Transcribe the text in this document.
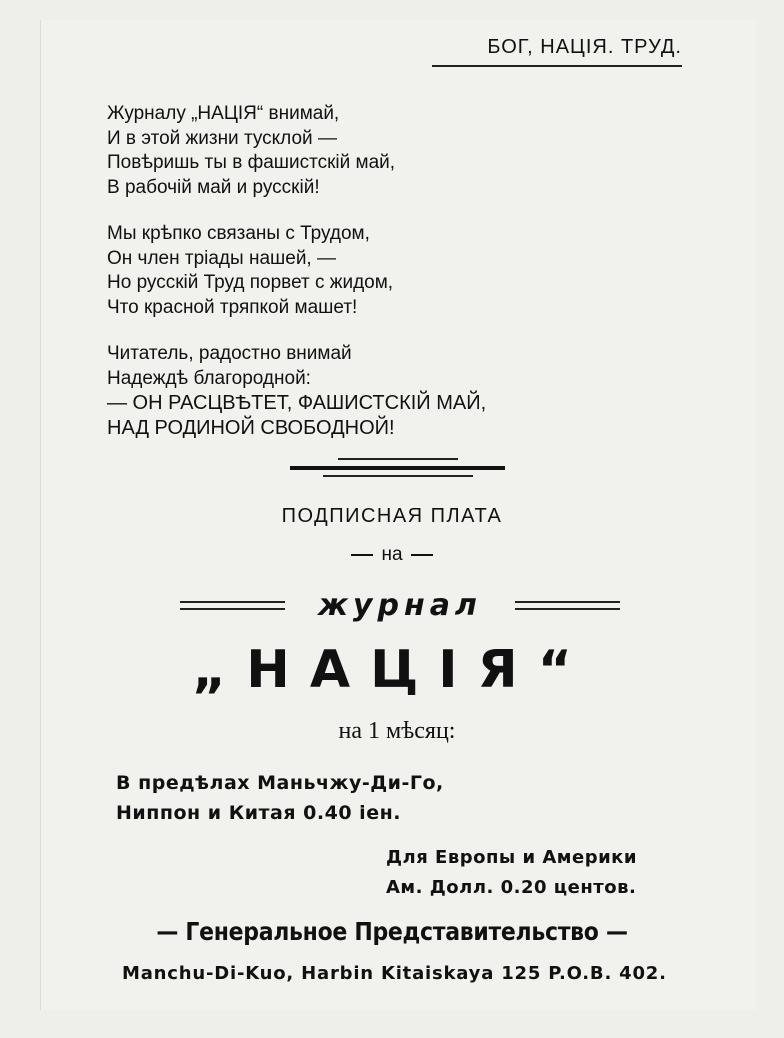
БОГ, НАЦIЯ. ТРУД.
Журналу „НАЦIЯ“ внимай,
И в этой жизни тусклой —
Повѣришь ты в фашистскiй май,
В рабочiй май и русскiй!
Мы крѣпко связаны с Трудом,
Он член трiады нашей, —
Но русскiй Труд порвет с жидом,
Что красной тряпкой машет!
Читатель, радостно внимай
Надеждѣ благородной:
— ОН РАСЦВѢТЕТ, ФАШИСТСКIЙ МАЙ,
НАД РОДИНОЙ СВОБОДНОЙ!
ПОДПИСНАЯ ПЛАТА
на
журнал
„НАЦIЯ“
на 1 мѣсяц:
В предѣлах Маньчжу-Ди-Го,
Ниппон и Китая 0.40 iен.
Для Европы и Америки
Ам. Долл. 0.20 центов.
— Генеральное Представительство —
Manchu-Di-Kuo, Harbin Kitaiskaya 125 P.O.B. 402.
